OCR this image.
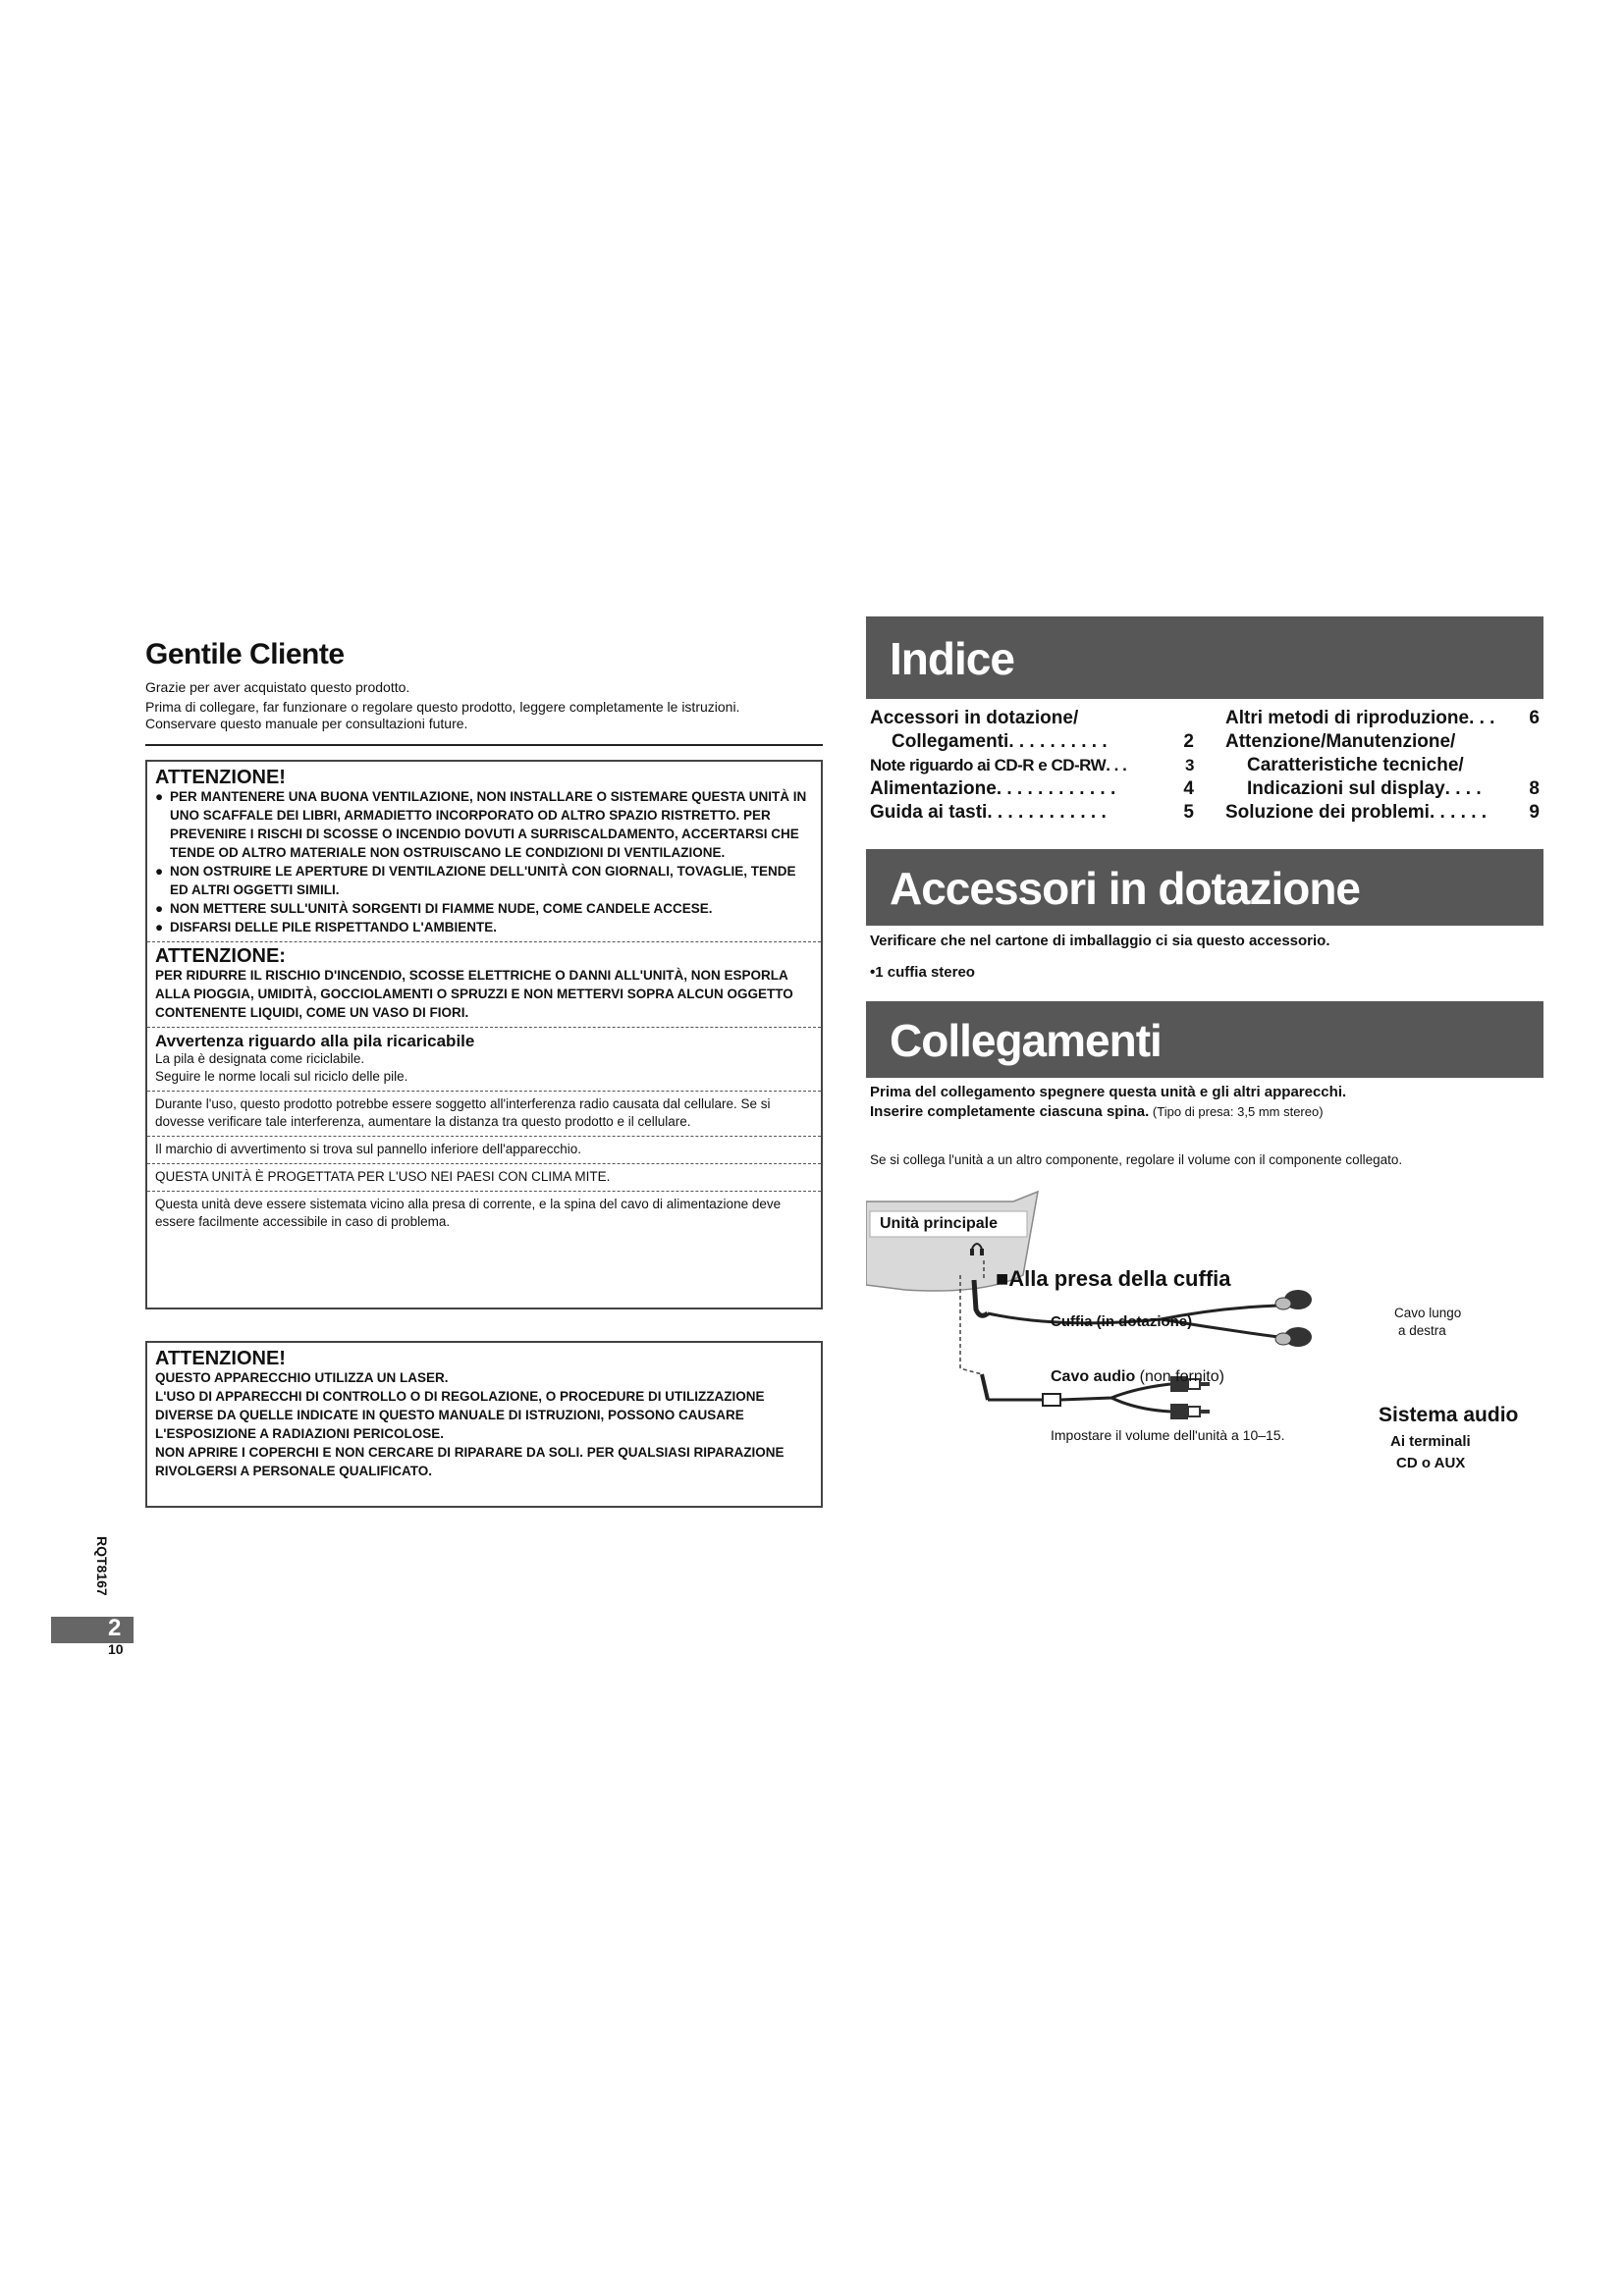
Gentile Cliente
Grazie per aver acquistato questo prodotto.
Prima di collegare, far funzionare o regolare questo prodotto, leggere completamente le istruzioni. Conservare questo manuale per consultazioni future.

ATTENZIONE!

● PER MANTENERE UNA BUONA VENTILAZIONE, NON INSTALLARE O SISTEMARE QUESTA UNITÀ IN UNO SCAFFALE DEI LIBRI, ARMADIETTO INCORPORATO OD ALTRO SPAZIO RISTRETTO. PER PREVENIRE I RISCHI DI SCOSSE O INCENDIO DOVUTI A SURRISCALDAMENTO, ACCERTARSI CHE TENDE OD ALTRO MATERIALE NON OSTRUISCANO LE CONDIZIONI DI VENTILAZIONE.

● NON OSTRUIRE LE APERTURE DI VENTILAZIONE DELL'UNITÀ CON GIORNALI, TOVAGLIE, TENDE ED ALTRI OGGETTI SIMILI.

● NON METTERE SULL'UNITÀ SORGENTI DI FIAMME NUDE, COME CANDELE ACCESE.

● DISFARSI DELLE PILE RISPETTANDO L'AMBIENTE.

ATTENZIONE:

PER RIDURRE IL RISCHIO D'INCENDIO, SCOSSE ELETTRICHE O DANNI ALL'UNITÀ, NON ESPORLA ALLA PIOGGIA, UMIDITÀ, GOCCIOLAMENTI O SPRUZZI E NON METTERVI SOPRA ALCUN OGGETTO CONTENENTE LIQUIDI, COME UN VASO DI FIORI.

Avvertenza riguardo alla pila ricaricabile

La pila è designata come riciclabile.

Seguire le norme locali sul riciclo delle pile.

Durante l'uso, questo prodotto potrebbe essere soggetto all'interferenza radio causata dal cellulare. Se si dovesse verificare tale interferenza, aumentare la distanza tra questo prodotto e il cellulare.

Il marchio di avvertimento si trova sul pannello inferiore dell'apparecchio.

QUESTA UNITÀ È PROGETTATA PER L'USO NEI PAESI CON CLIMA MITE.

Questa unità deve essere sistemata vicino alla presa di corrente, e la spina del cavo di alimentazione deve essere facilmente accessibile in caso di problema.

ATTENZIONE!

QUESTO APPARECCHIO UTILIZZA UN LASER.

L'USO DI APPARECCHI DI CONTROLLO O DI REGOLAZIONE, O PROCEDURE DI UTILIZZAZIONE DIVERSE DA QUELLE INDICATE IN QUESTO MANUALE DI ISTRUZIONI, POSSONO CAUSARE L'ESPOSIZIONE A RADIAZIONI PERICOLOSE.

NON APRIRE I COPERCHI E NON CERCARE DI RIPARARE DA SOLI. PER QUALSIASI RIPARAZIONE RIVOLGERSI A PERSONALE QUALIFICATO.

Indice
Accessori in dotazione/
Collegamenti . . . . . . . . . .	2
Note riguardo ai CD-R e CD-RW . . .	3
Alimentazione . . . . . . . . . . . .	4
Guida ai tasti . . . . . . . . . . . .	5
Altri metodi di riproduzione . . .	6
Attenzione/Manutenzione/
Caratteristiche tecniche/
Indicazioni sul display . . . .	8
Soluzione dei problemi . . . . . .	9
Accessori in dotazione
Verificare che nel cartone di imballaggio ci sia questo accessorio.
•1 cuffia stereo
Collegamenti
Prima del collegamento spegnere questa unità e gli altri apparecchi.
Inserire completamente ciascuna spina. (Tipo di presa: 3,5 mm stereo)
Se si collega l'unità a un altro componente, regolare il volume con il componente collegato.
Unità principale
■Alla presa della cuffia
Cuffia (in dotazione)
Cavo lungo
a destra
Cavo audio (non fornito)
Impostare il volume dell'unità a 10–15.
Sistema audio
Ai terminali
CD o AUX
RQT8167
2
10
